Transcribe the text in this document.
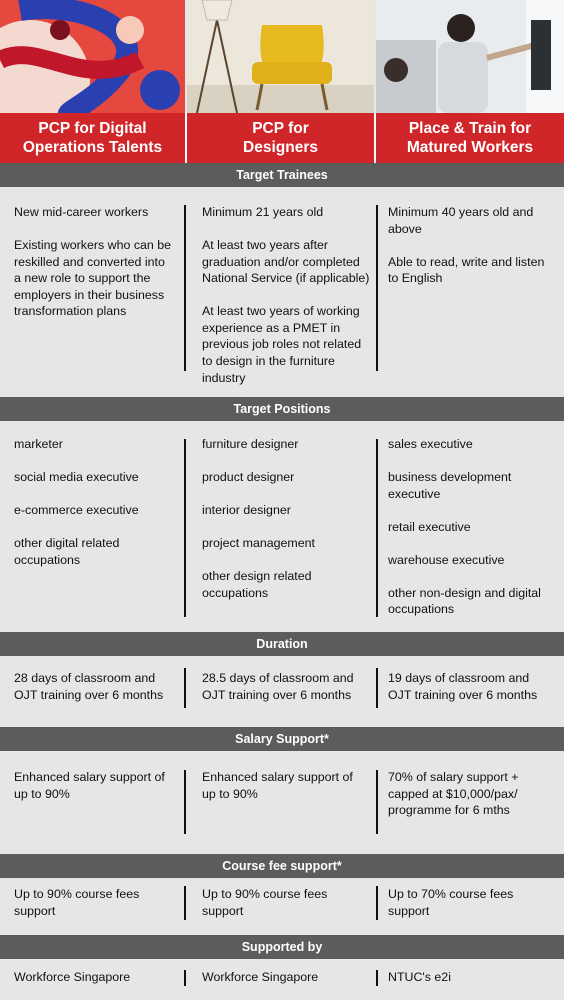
PCP for Digital
Operations Talents
PCP for
Designers
Place & Train for
Matured Workers
Target Trainees

New mid-career workers

Existing workers who can be reskilled and converted into a new role to support the employers in their business transformation plans

Minimum 21 years old

At least two years after graduation and/or completed National Service (if applicable)

At least two years of working experience as a PMET in previous job roles not related to design in the furniture industry

Minimum 40 years old and above

Able to read, write and listen to English

Target Positions

marketer

social media executive

e-commerce executive

other digital related occupations

furniture designer

product designer

interior designer

project management

other design related occupations

sales executive

business development executive

retail executive

warehouse executive

other non-design and digital occupations

Duration

28 days of classroom and OJT training over 6 months

28.5 days of classroom and OJT training over 6 months

19 days of classroom and OJT training over 6 months

Salary Support*

Enhanced salary support of up to 90%

Enhanced salary support of up to 90%

70% of salary support + capped at $10,000/pax/ programme for 6 mths

Course fee support*

Up to 90% course fees support

Up to 90% course fees support

Up to 70% course fees support

Supported by

Workforce Singapore	Workforce Singapore	NTUC's e2i
